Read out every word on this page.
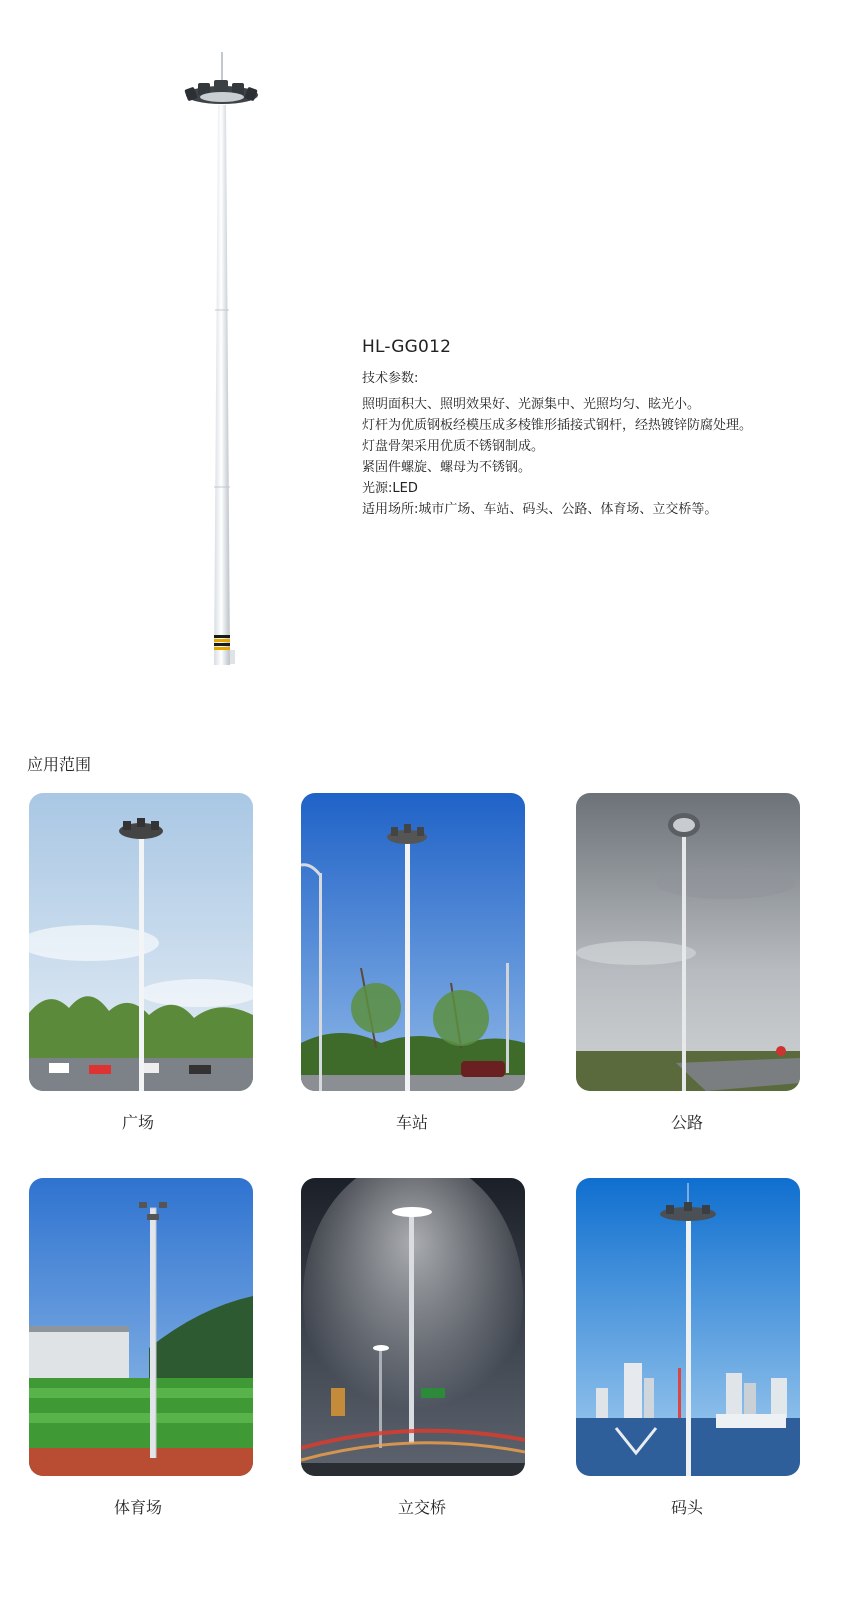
HL-GG012
技术参数:
照明面积大、照明效果好、光源集中、光照均匀、眩光小。
灯杆为优质钢板经模压成多棱锥形插接式钢杆，经热镀锌防腐处理。
灯盘骨架采用优质不锈钢制成。
紧固件螺旋、螺母为不锈钢。
光源:LED
适用场所:城市广场、车站、码头、公路、体育场、立交桥等。
应用范围
广场	车站	公路
体育场	立交桥	码头
